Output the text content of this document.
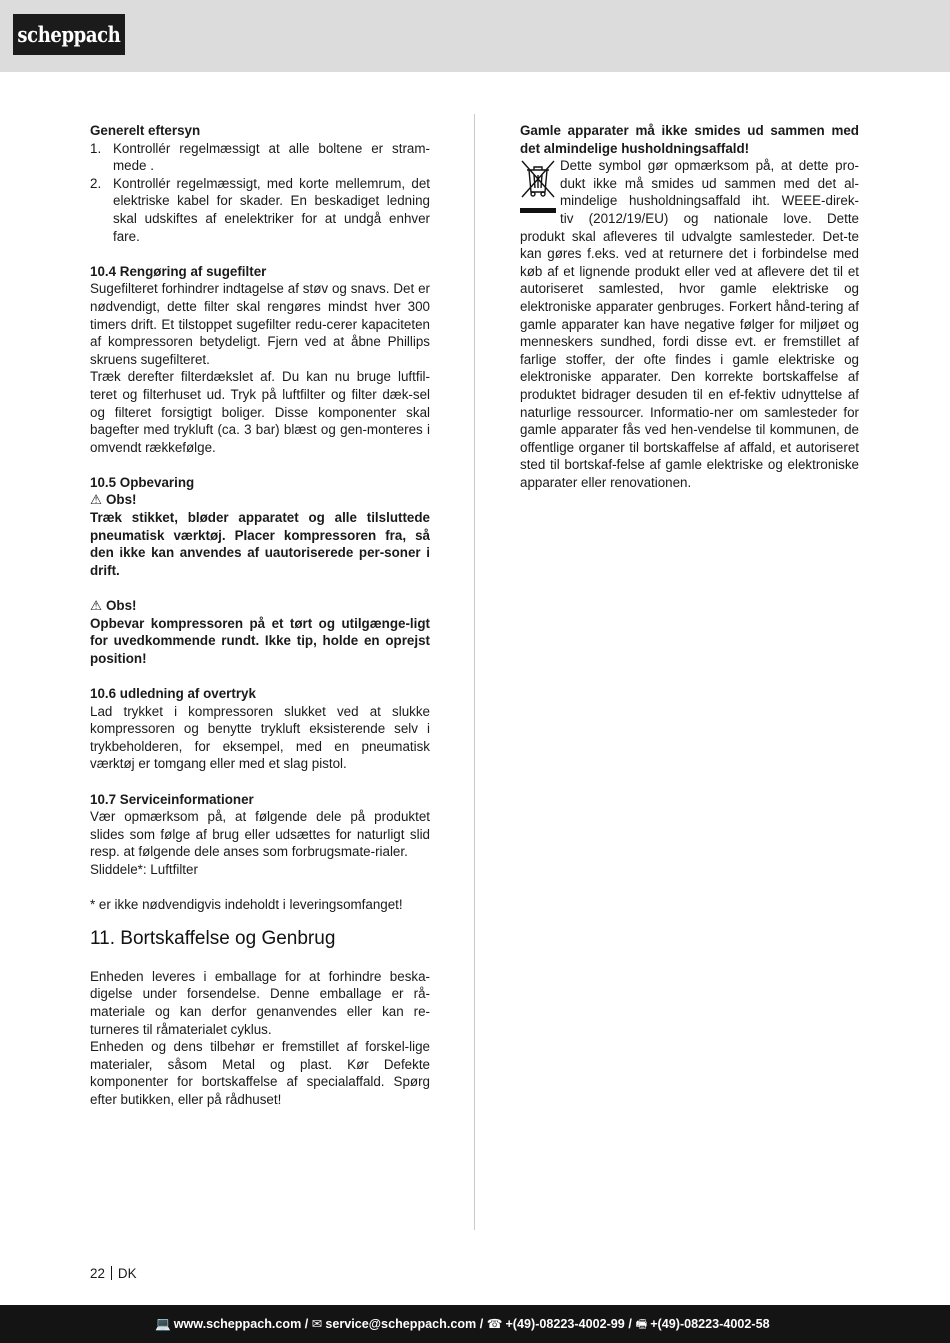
scheppach

Generelt eftersyn

1. Kontrollér regelmæssigt at alle boltene er stram-mede .
2. Kontrollér regelmæssigt, med korte mellemrum, det elektriske kabel for skader. En beskadiget ledning skal udskiftes af enelektriker for at undgå enhver fare.

10.4 Rengøring af sugefilter

Sugefilteret forhindrer indtagelse af støv og snavs. Det er nødvendigt, dette filter skal rengøres mindst hver 300 timers drift. Et tilstoppet sugefilter redu-cerer kapaciteten af kompressoren betydeligt. Fjern ved at åbne Phillips skruens sugefilteret.

Træk derefter filterdækslet af. Du kan nu bruge luftfil-teret og filterhuset ud. Tryk på luftfilter og filter dæk-sel og filteret forsigtigt boliger. Disse komponenter skal bagefter med trykluft (ca. 3 bar) blæst og gen-monteres i omvendt rækkefølge.

10.5 Opbevaring

⚠ Obs!

Træk stikket, bløder apparatet og alle tilsluttede pneumatisk værktøj. Placer kompressoren fra, så den ikke kan anvendes af uautoriserede per-soner i drift.

⚠ Obs!

Opbevar kompressoren på et tørt og utilgænge-ligt for uvedkommende rundt. Ikke tip, holde en oprejst position!

10.6 udledning af overtryk

Lad trykket i kompressoren slukket ved at slukke kompressoren og benytte trykluft eksisterende selv i trykbeholderen, for eksempel, med en pneumatisk værktøj er tomgang eller med et slag pistol.

10.7 Serviceinformationer

Vær opmærksom på, at følgende dele på produktet slides som følge af brug eller udsættes for naturligt slid resp. at følgende dele anses som forbrugsmate-rialer.

Sliddele*: Luftfilter

* er ikke nødvendigvis indeholdt i leveringsomfanget!

11. Bortskaffelse og Genbrug

Enheden leveres i emballage for at forhindre beska-digelse under forsendelse. Denne emballage er rå-materiale og kan derfor genanvendes eller kan re-turneres til råmaterialet cyklus.

Enheden og dens tilbehør er fremstillet af forskel-lige materialer, såsom Metal og plast. Kør Defekte komponenter for bortskaffelse af specialaffald. Spørg efter butikken, eller på rådhuset!

Gamle apparater må ikke smides ud sammen med det almindelige husholdningsaffald!

Dette symbol gør opmærksom på, at dette pro-

dukt ikke må smides ud sammen med det al-

mindelige husholdningsaffald iht. WEEE-direk-

tiv (2012/19/EU) og nationale love. Dette

produkt skal afleveres til udvalgte samlesteder. Det-te kan gøres f.eks. ved at returnere det i forbindelse med køb af et lignende produkt eller ved at aflevere det til et autoriseret samlested, hvor gamle elektriske og elektroniske apparater genbruges. Forkert hånd-tering af gamle apparater kan have negative følger for miljøet og menneskers sundhed, fordi disse evt. er fremstillet af farlige stoffer, der ofte findes i gamle elektriske og elektroniske apparater. Den korrekte bortskaffelse af produktet bidrager desuden til en ef-fektiv udnyttelse af naturlige ressourcer. Informatio-ner om samlesteder for gamle apparater fås ved hen-vendelse til kommunen, de offentlige organer til bortskaffelse af affald, et autoriseret sted til bortskaf-felse af gamle elektriske og elektroniske apparater eller renovationen.

22 DK
💻 www.scheppach.com / ✉ service@scheppach.com / ☎ +(49)-08223-4002-99 / 🖷 +(49)-08223-4002-58
